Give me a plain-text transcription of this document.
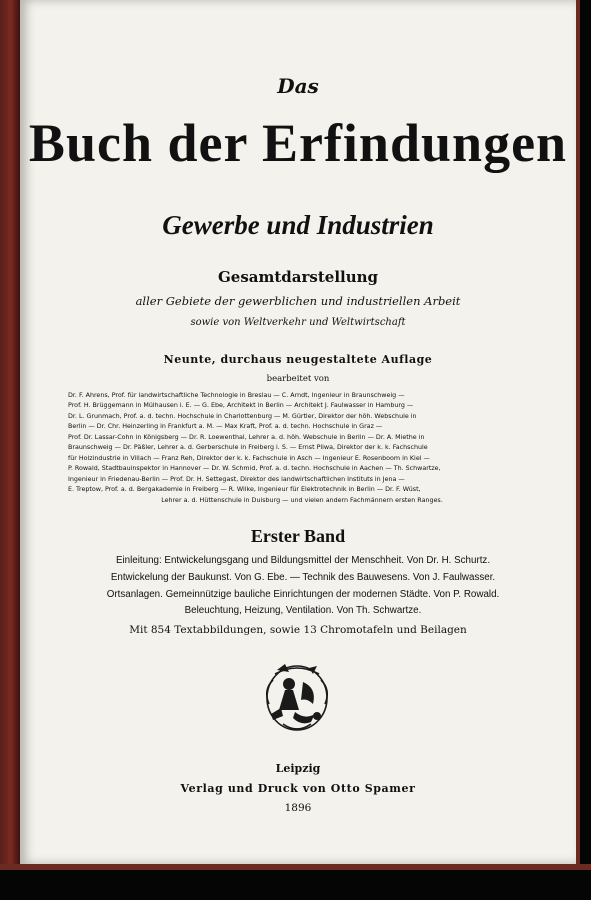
Das
Buch der Erfindungen
Gewerbe und Industrien
Gesamtdarstellung
aller Gebiete der gewerblichen und industriellen Arbeit
sowie von Weltverkehr und Weltwirtschaft
Neunte, durchaus neugestaltete Auflage
bearbeitet von
Dr. F. Ahrens, Prof. für landwirtschaftliche Technologie in Breslau — C. Arndt, Ingenieur in Braunschweig —
Prof. H. Brüggemann in Mülhausen i. E. — G. Ebe, Architekt in Berlin — Architekt J. Faulwasser in Hamburg —
Dr. L. Grunmach, Prof. a. d. techn. Hochschule in Charlottenburg — M. Gürtler, Direktor der höh. Webschule in
Berlin — Dr. Chr. Heinzerling in Frankfurt a. M. — Max Kraft, Prof. a. d. techn. Hochschule in Graz —
Prof. Dr. Lassar-Cohn in Königsberg — Dr. R. Loewenthal, Lehrer a. d. höh. Webschule in Berlin — Dr. A. Miethe in
Braunschweig — Dr. Päßler, Lehrer a. d. Gerberschule in Freiberg i. S. — Ernst Pliwa, Direktor der k. k. Fachschule
für Holzindustrie in Villach — Franz Reh, Direktor der k. k. Fachschule in Asch — Ingenieur E. Rosenboom in Kiel —
P. Rowald, Stadtbauinspektor in Hannover — Dr. W. Schmid, Prof. a. d. techn. Hochschule in Aachen — Th. Schwartze,
Ingenieur in Friedenau-Berlin — Prof. Dr. H. Settegast, Direktor des landwirtschaftlichen Instituts in Jena —
E. Treptow, Prof. a. d. Bergakademie in Freiberg — R. Wilke, Ingenieur für Elektrotechnik in Berlin — Dr. F. Wüst,
Lehrer a. d. Hüttenschule in Duisburg — und vielen andern Fachmännern ersten Ranges.
Erster Band
Einleitung: Entwickelungsgang und Bildungsmittel der Menschheit. Von Dr. H. Schurtz.
Entwickelung der Baukunst. Von G. Ebe. — Technik des Bauwesens. Von J. Faulwasser.
Ortsanlagen. Gemeinnützige bauliche Einrichtungen der modernen Städte. Von P. Rowald.
Beleuchtung, Heizung, Ventilation. Von Th. Schwartze.
Mit 854 Textabbildungen, sowie 13 Chromotafeln und Beilagen
Leipzig
Verlag und Druck von Otto Spamer
1896
